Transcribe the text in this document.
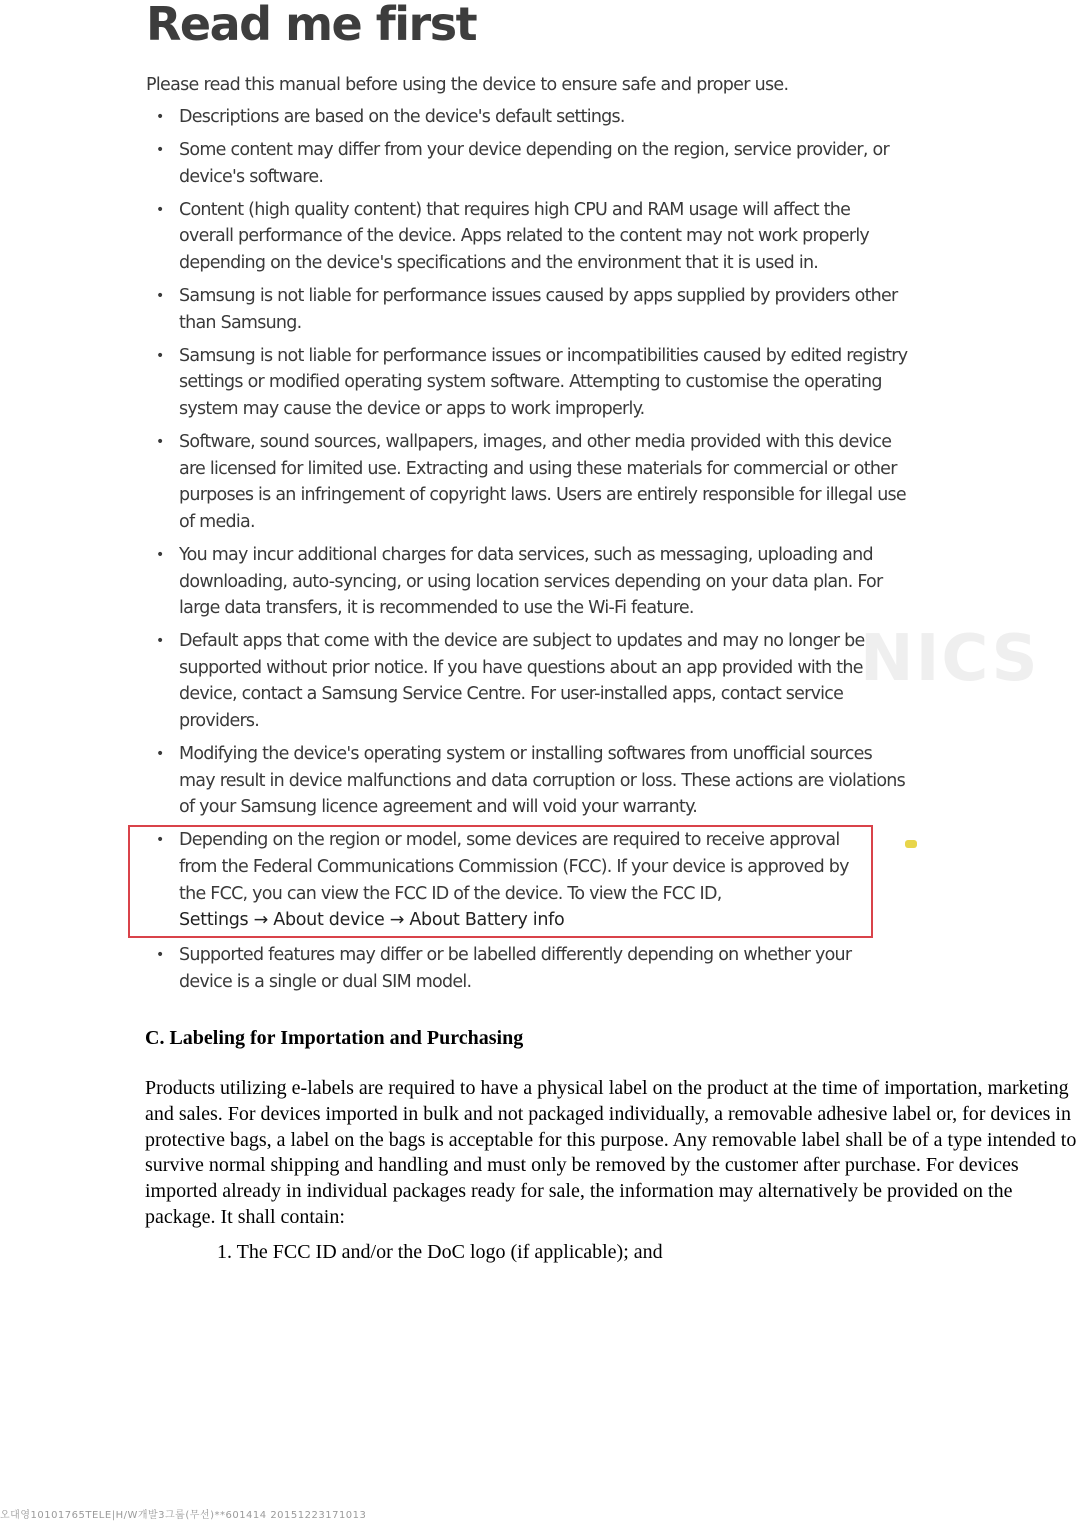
NICS
Read me first

Please read this manual before using the device to ensure safe and proper use.

• Descriptions are based on the device's default settings.
• Some content may differ from your device depending on the region, service provider, or device's software.
• Content (high quality content) that requires high CPU and RAM usage will affect the overall performance of the device. Apps related to the content may not work properly depending on the device's specifications and the environment that it is used in.
• Samsung is not liable for performance issues caused by apps supplied by providers other than Samsung.
• Samsung is not liable for performance issues or incompatibilities caused by edited registry settings or modified operating system software. Attempting to customise the operating system may cause the device or apps to work improperly.
• Software, sound sources, wallpapers, images, and other media provided with this device are licensed for limited use. Extracting and using these materials for commercial or other purposes is an infringement of copyright laws. Users are entirely responsible for illegal use of media.
• You may incur additional charges for data services, such as messaging, uploading and downloading, auto-syncing, or using location services depending on your data plan. For large data transfers, it is recommended to use the Wi-Fi feature.
• Default apps that come with the device are subject to updates and may no longer be supported without prior notice. If you have questions about an app provided with the device, contact a Samsung Service Centre. For user-installed apps, contact service providers.
• Modifying the device's operating system or installing softwares from unofficial sources may result in device malfunctions and data corruption or loss. These actions are violations of your Samsung licence agreement and will void your warranty.
• Depending on the region or model, some devices are required to receive approval from the Federal Communications Commission (FCC). If your device is approved by the FCC, you can view the FCC ID of the device. To view the FCC ID,
Settings → About device → About Battery info
• Supported features may differ or be labelled differently depending on whether your device is a single or dual SIM model.
C. Labeling for Importation and Purchasing

Products utilizing e-labels are required to have a physical label on the product at the time of importation, marketing and sales. For devices imported in bulk and not packaged individually, a removable adhesive label or, for devices in protective bags, a label on the bags is acceptable for this purpose. Any removable label shall be of a type intended to survive normal shipping and handling and must only be removed by the customer after purchase. For devices imported already in individual packages ready for sale, the information may alternatively be provided on the package. It shall contain:

1. The FCC ID and/or the DoC logo (if applicable); and
오대영10101765TELE|H/W개발3그룹(무선)**601414 20151223171013
